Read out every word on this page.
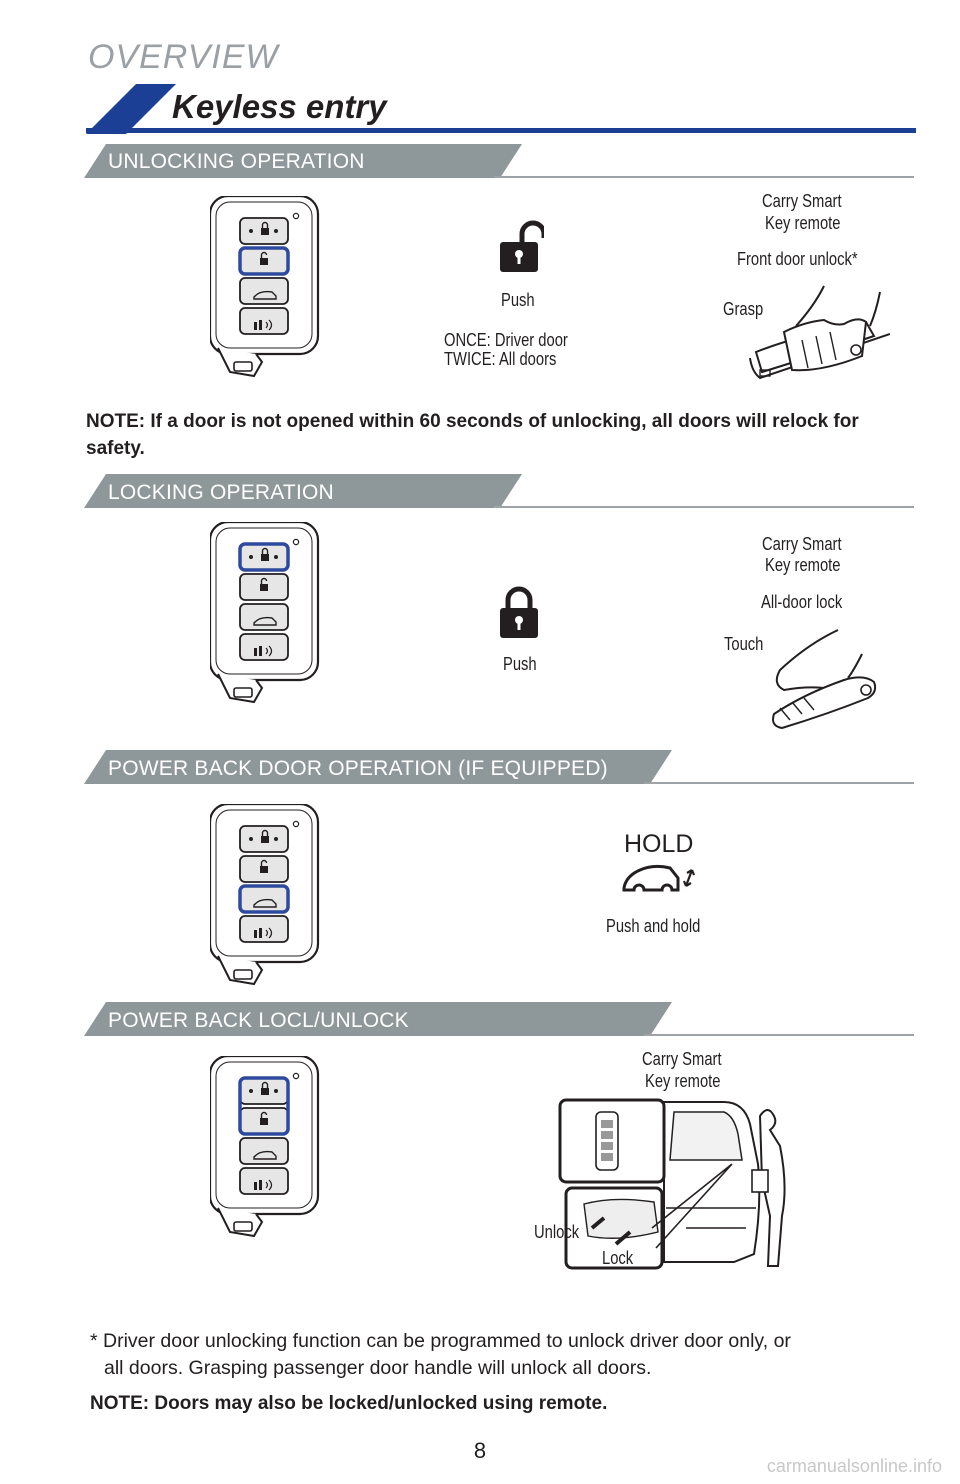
OVERVIEW
Keyless entry
UNLOCKING OPERATION
Push
ONCE: Driver door
TWICE: All doors
Carry Smart
Key remote
Front door unlock*
Grasp
NOTE: If a door is not opened within 60 seconds of unlocking, all doors will relock for safety.
LOCKING OPERATION
Push
Carry Smart
Key remote
All-door lock
Touch
POWER BACK DOOR OPERATION (IF EQUIPPED)
HOLD
Push and hold
POWER BACK LOCL/UNLOCK
Carry Smart
Key remote
Unlock
Lock
* Driver door unlocking function can be programmed to unlock driver door only, or
all doors. Grasping passenger door handle will unlock all doors.
NOTE: Doors may also be locked/unlocked using remote.
8
carmanualsonline.info
